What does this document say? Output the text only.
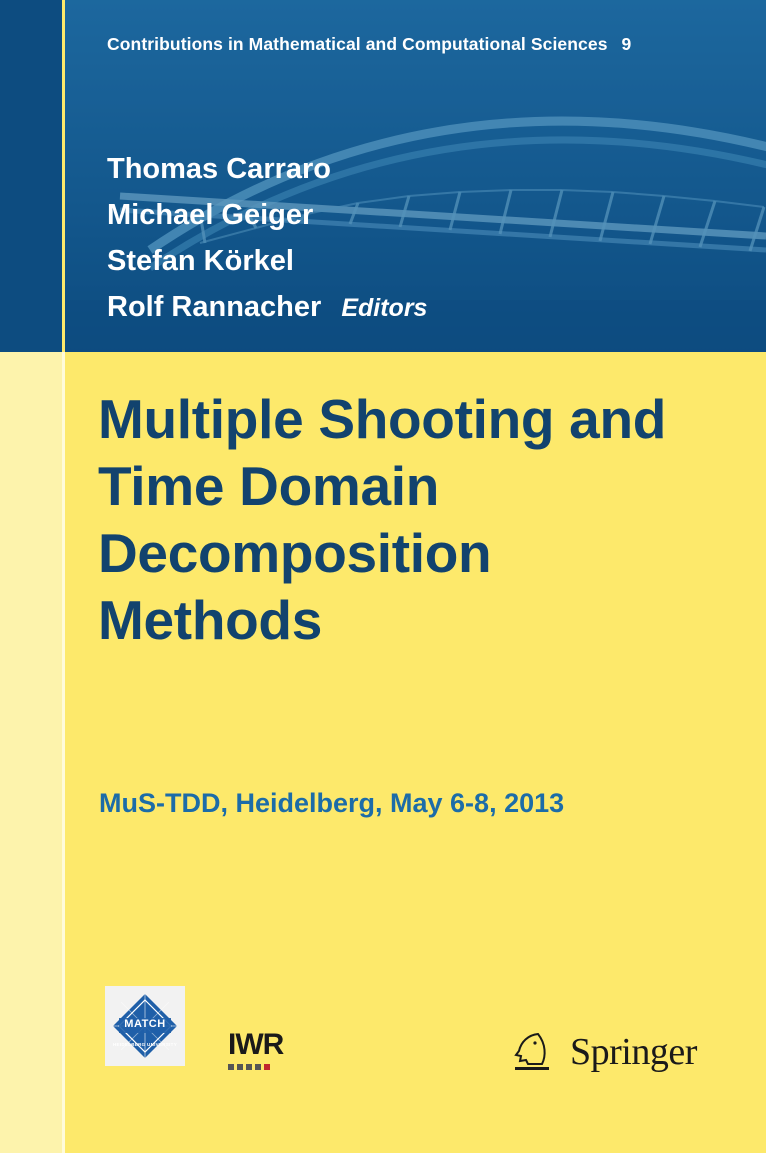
Contributions in Mathematical and Computational Sciences 9
Thomas Carraro
Michael Geiger
Stefan Körkel
Rolf Rannacher Editors
Multiple Shooting and Time Domain Decomposition Methods
MuS-TDD, Heidelberg, May 6-8, 2013
MATCH
HEIDELBERG UNIVERSITY IWR	Springer
